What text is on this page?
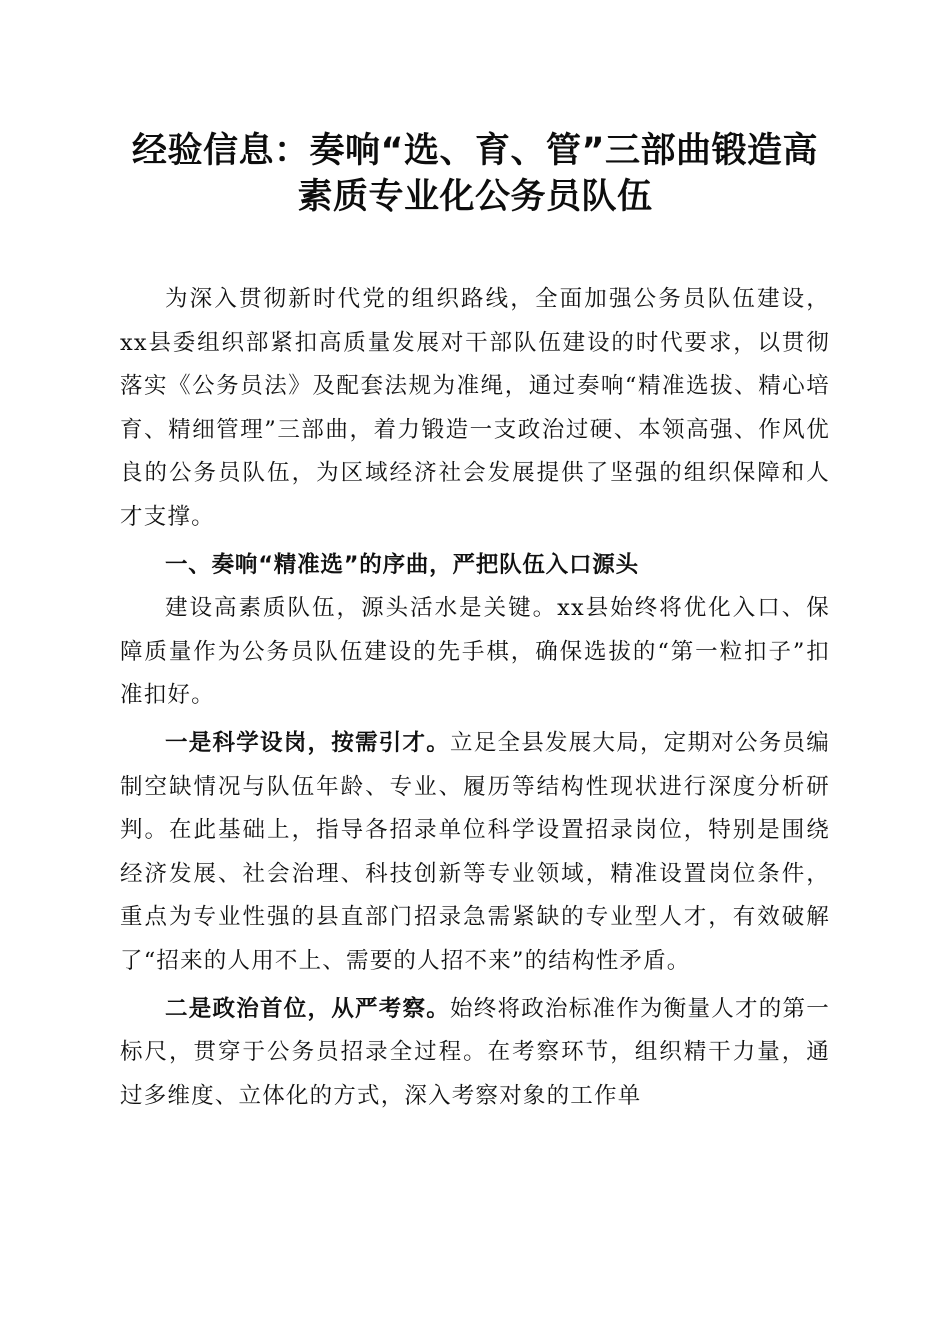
经验信息：奏响“选、育、管”三部曲锻造高
素质专业化公务员队伍

为深入贯彻新时代党的组织路线，全面加强公务员队伍建设，xx县委组织部紧扣高质量发展对干部队伍建设的时代要求，以贯彻落实《公务员法》及配套法规为准绳，通过奏响“精准选拔、精心培育、精细管理”三部曲，着力锻造一支政治过硬、本领高强、作风优良的公务员队伍，为区域经济社会发展提供了坚强的组织保障和人才支撑。

一、奏响“精准选”的序曲，严把队伍入口源头

建设高素质队伍，源头活水是关键。xx县始终将优化入口、保障质量作为公务员队伍建设的先手棋，确保选拔的“第一粒扣子”扣准扣好。

一是科学设岗，按需引才。立足全县发展大局，定期对公务员编制空缺情况与队伍年龄、专业、履历等结构性现状进行深度分析研判。在此基础上，指导各招录单位科学设置招录岗位，特别是围绕经济发展、社会治理、科技创新等专业领域，精准设置岗位条件，重点为专业性强的县直部门招录急需紧缺的专业型人才，有效破解了“招来的人用不上、需要的人招不来”的结构性矛盾。

二是政治首位，从严考察。始终将政治标准作为衡量人才的第一标尺，贯穿于公务员招录全过程。在考察环节，组织精干力量，通过多维度、立体化的方式，深入考察对象的工作单
